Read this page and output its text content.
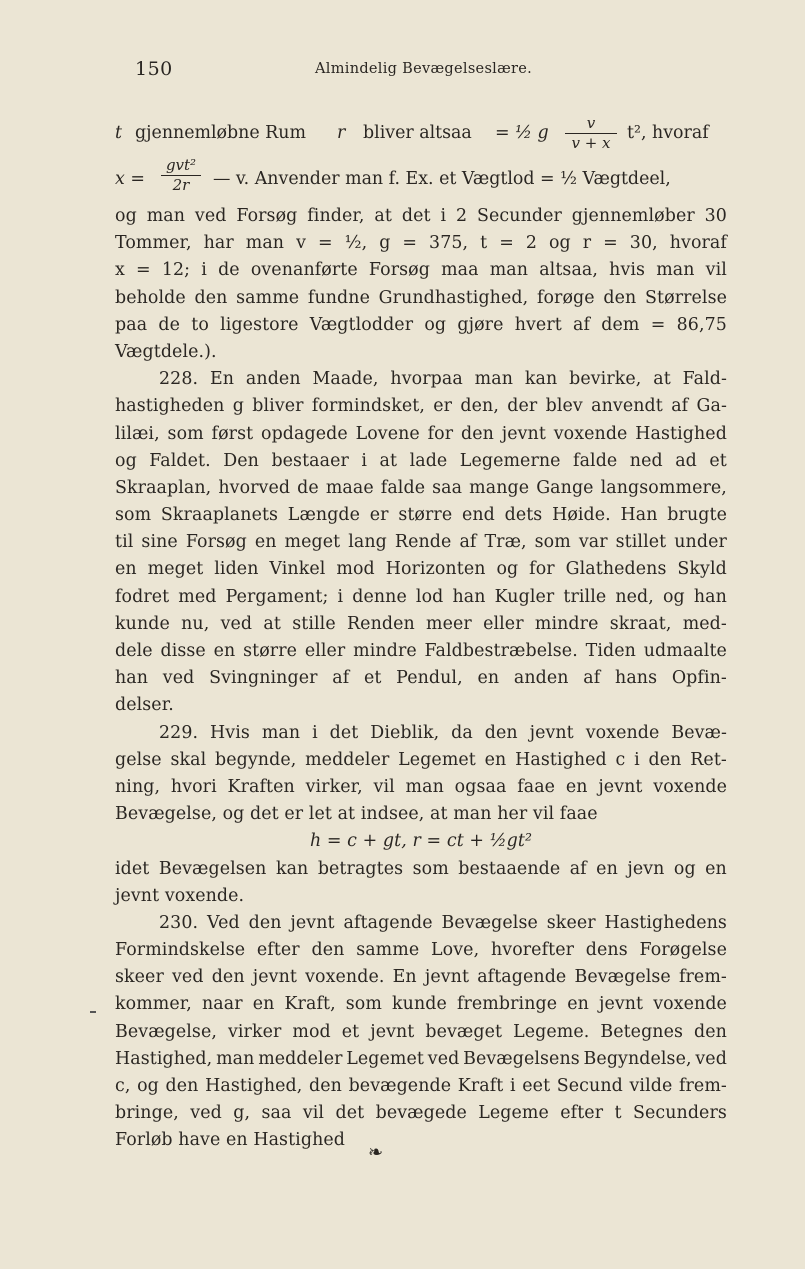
150	Almindelig Bevægelseslære.
t gjennemløbne Rum r bliver altsaa = ½ g	v
v + x t², hvoraf
x =
gvt²
2r	— v. Anvender man f. Ex. et Vægtlod = ½ Vægtdeel,
og man ved Forsøg finder, at det i 2 Secunder gjennemløber 30
Tommer, har man v = ½, g = 375, t = 2 og r = 30, hvoraf
x = 12; i de ovenanførte Forsøg maa man altsaa, hvis man vil
beholde den samme fundne Grundhastighed, forøge den Størrelse
paa de to ligestore Vægtlodder og gjøre hvert af dem = 86,75
Vægtdele.).
228. En anden Maade, hvorpaa man kan bevirke, at Fald-
hastigheden g bliver formindsket, er den, der blev anvendt af Ga-
lilæi, som først opdagede Lovene for den jevnt voxende Hastighed
og Faldet. Den bestaaer i at lade Legemerne falde ned ad et
Skraaplan, hvorved de maae falde saa mange Gange langsommere,
som Skraaplanets Længde er større end dets Høide. Han brugte
til sine Forsøg en meget lang Rende af Træ, som var stillet under
en meget liden Vinkel mod Horizonten og for Glathedens Skyld
fodret med Pergament; i denne lod han Kugler trille ned, og han
kunde nu, ved at stille Renden meer eller mindre skraat, med-
dele disse en større eller mindre Faldbestræbelse. Tiden udmaalte
han ved Svingninger af et Pendul, en anden af hans Opfin-
delser.
229. Hvis man i det Dieblik, da den jevnt voxende Bevæ-
gelse skal begynde, meddeler Legemet en Hastighed c i den Ret-
ning, hvori Kraften virker, vil man ogsaa faae en jevnt voxende
Bevægelse, og det er let at indsee, at man her vil faae
h = c + gt, r = ct + ½gt²
idet Bevægelsen kan betragtes som bestaaende af en jevn og en
jevnt voxende.
230. Ved den jevnt aftagende Bevægelse skeer Hastighedens
Formindskelse efter den samme Love, hvorefter dens Forøgelse
skeer ved den jevnt voxende. En jevnt aftagende Bevægelse frem-
kommer, naar en Kraft, som kunde frembringe en jevnt voxende
Bevægelse, virker mod et jevnt bevæget Legeme. Betegnes den
Hastighed, man meddeler Legemet ved Bevægelsens Begyndelse, ved
c, og den Hastighed, den bevægende Kraft i eet Secund vilde frem-
bringe, ved g, saa vil det bevægede Legeme efter t Secunders
Forløb have en Hastighed
❧
